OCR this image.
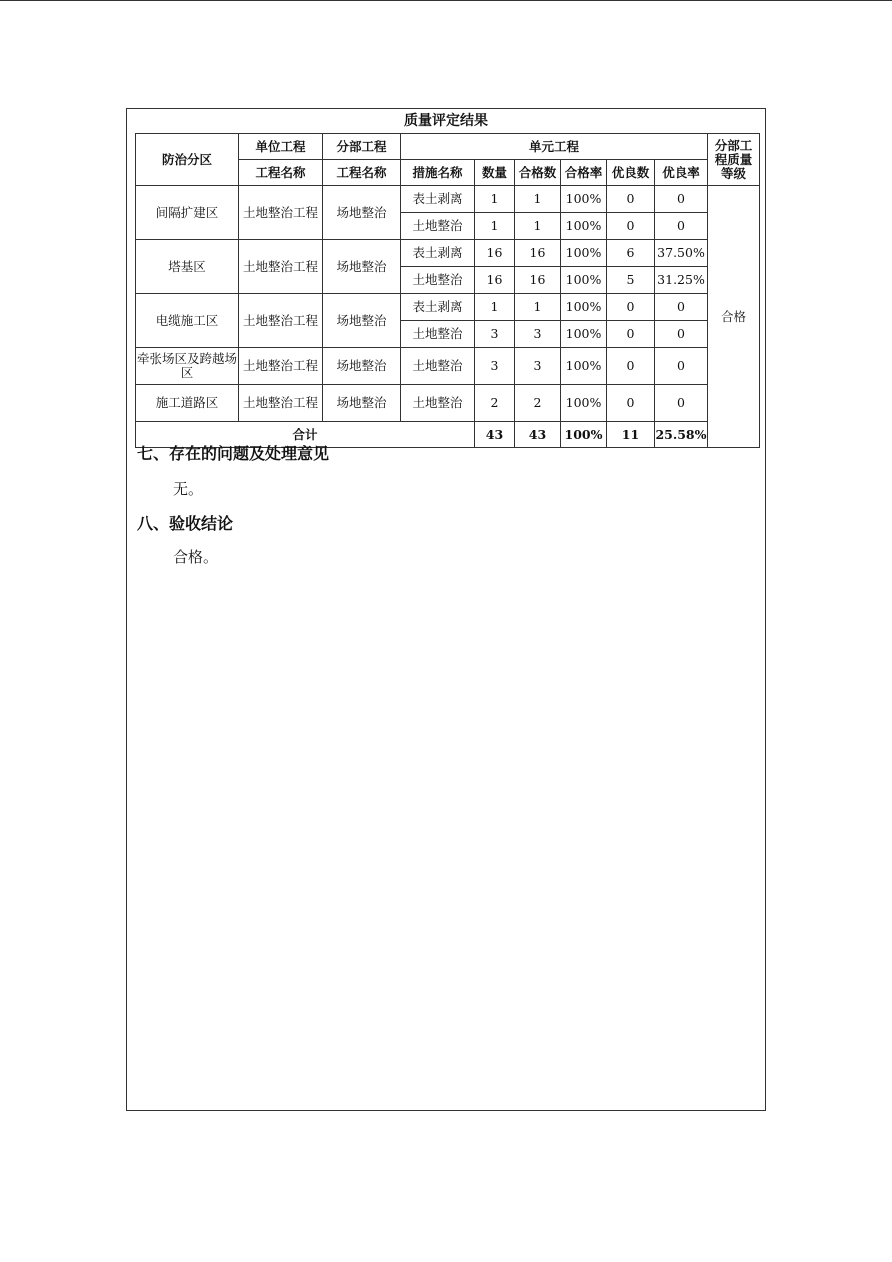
质量评定结果
防治分区	单位工程	分部工程	单元工程						分部工程质量等级
	工程名称	工程名称	措施名称	数量	合格数	合格率	优良数	优良率	
间隔扩建区	土地整治工程	场地整治	表土剥离	1	1	100%	0	0	合格
			土地整治	1	1	100%	0	0	
塔基区	土地整治工程	场地整治	表土剥离	16	16	100%	6	37.50%	
			土地整治	16	16	100%	5	31.25%	
电缆施工区	土地整治工程	场地整治	表土剥离	1	1	100%	0	0	
			土地整治	3	3	100%	0	0	
牵张场区及跨越场区	土地整治工程	场地整治	土地整治	3	3	100%	0	0	
施工道路区	土地整治工程	场地整治	土地整治	2	2	100%	0	0	
合计				43	43	100%	11	25.58%	
七、存在的问题及处理意见
无。
八、验收结论
合格。
